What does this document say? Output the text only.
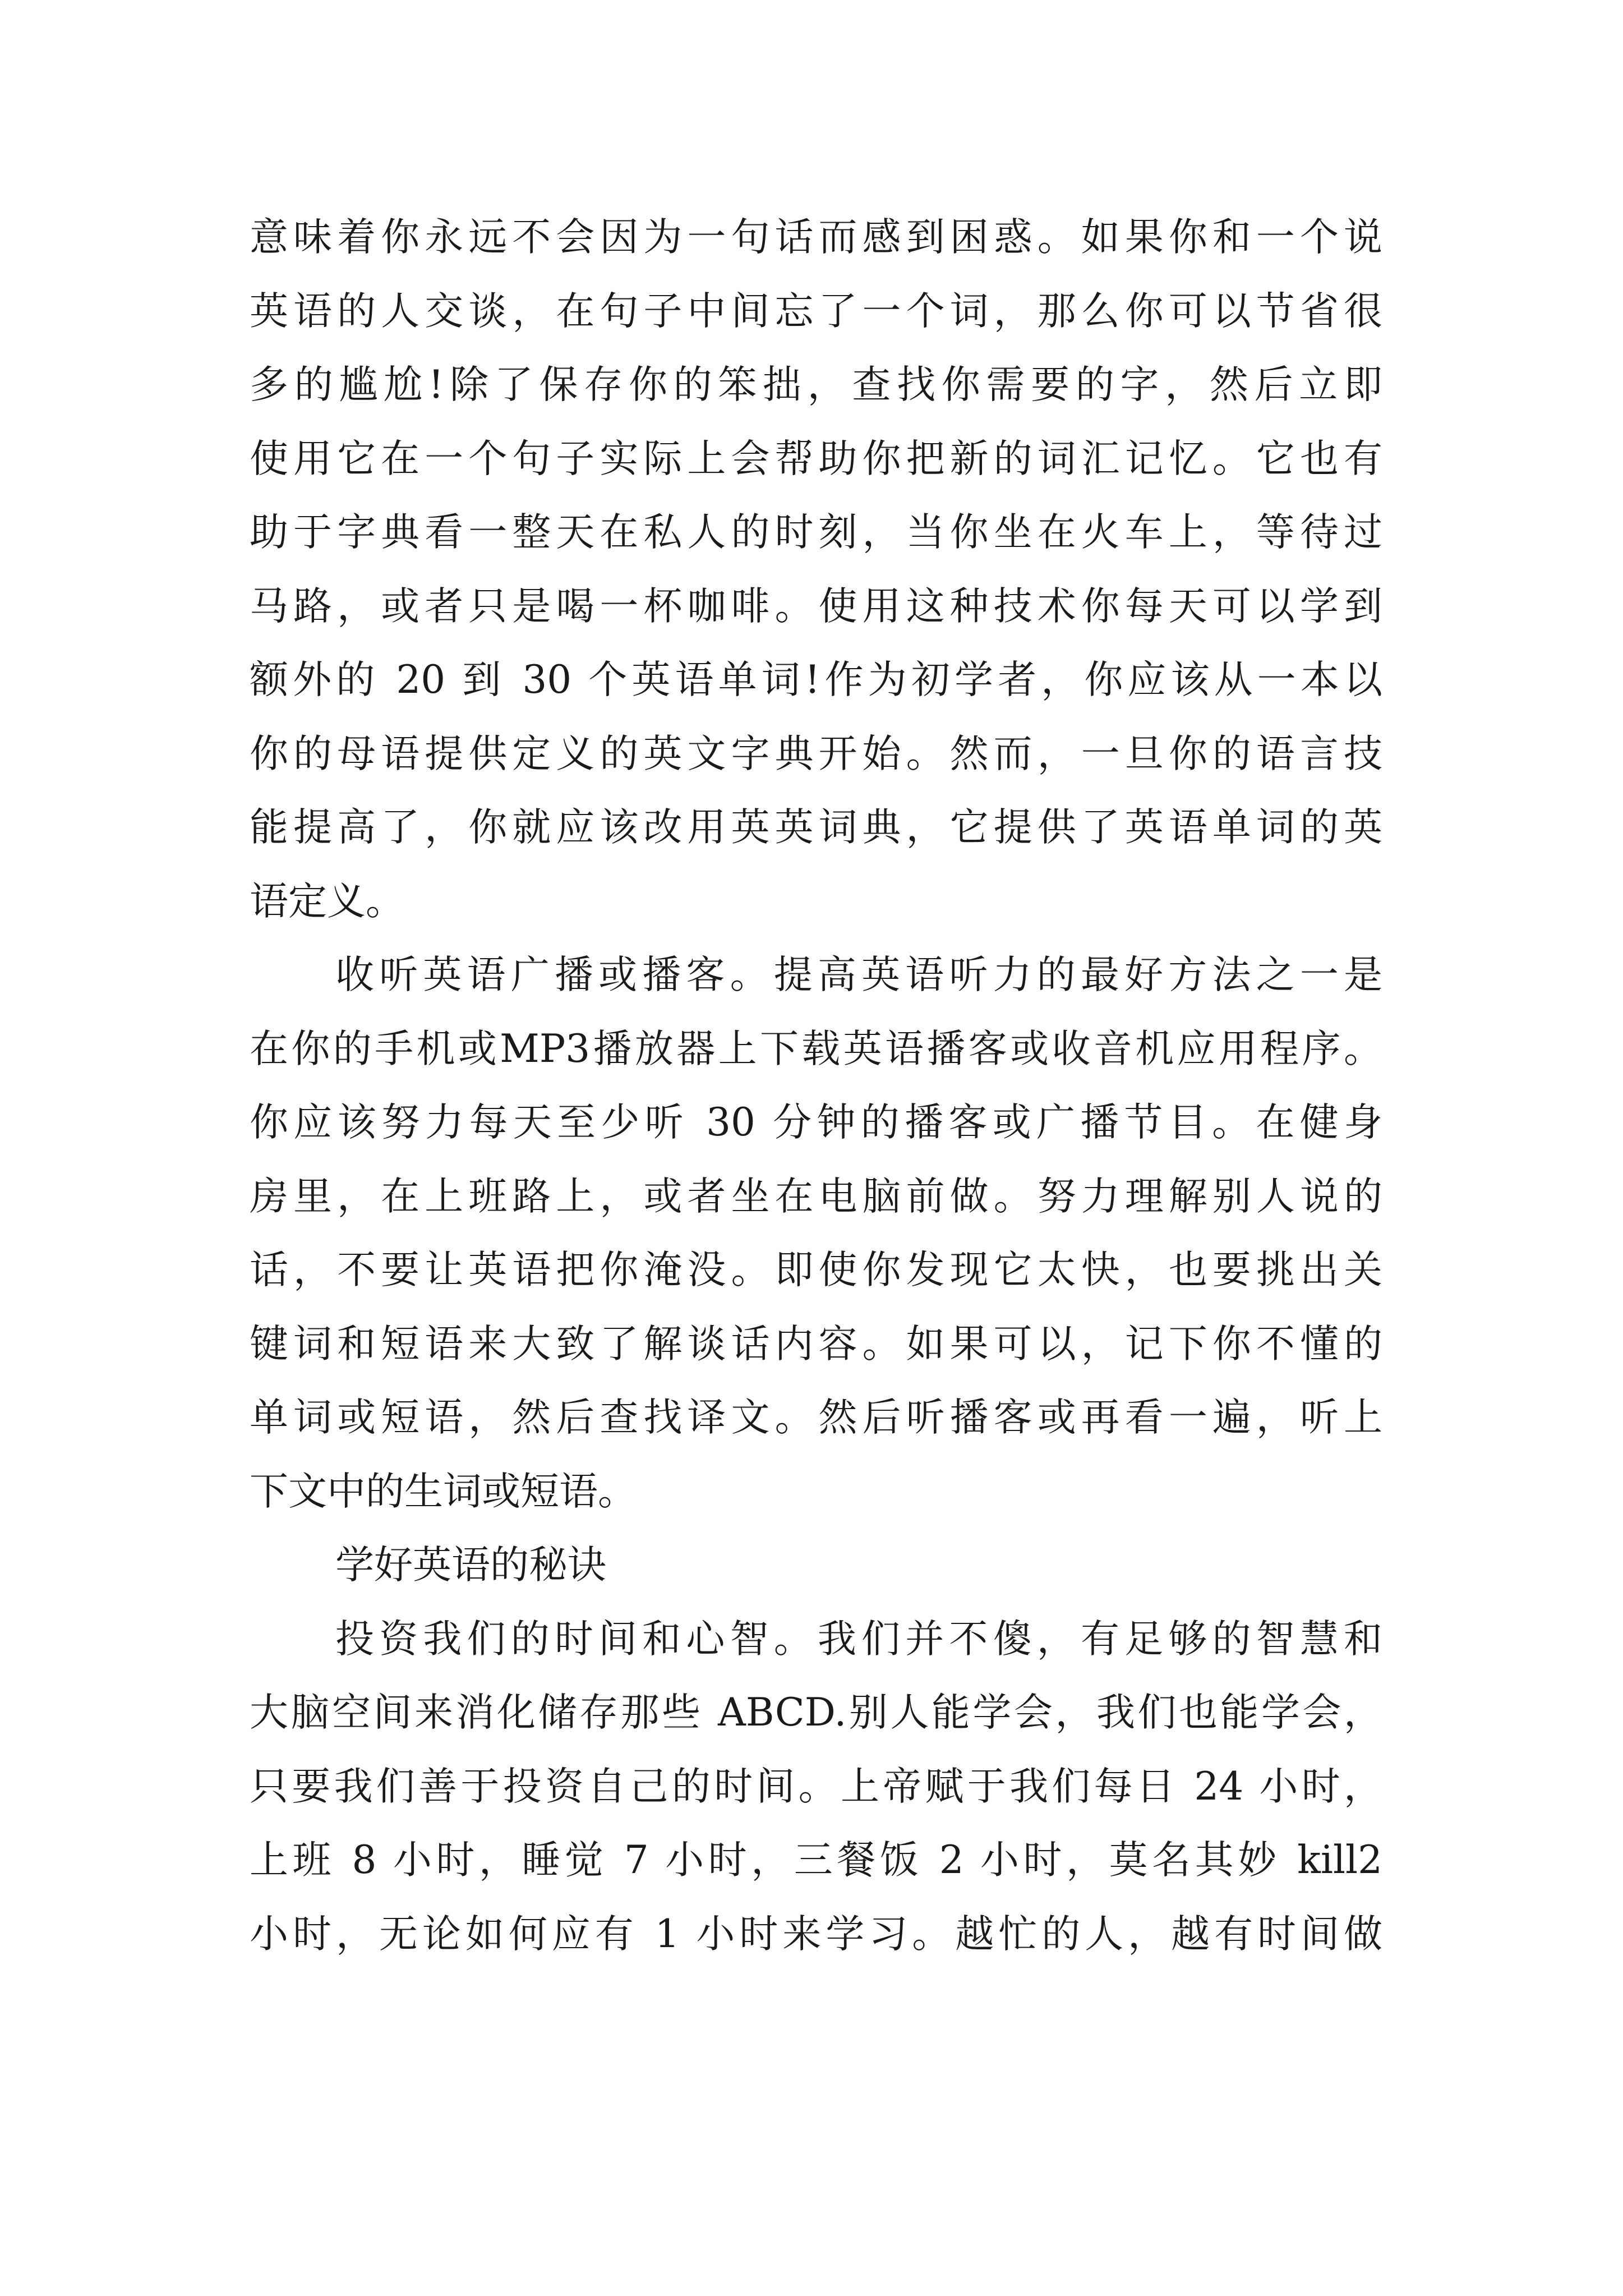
意味着你永远不会因为一句话而感到困惑。如果你和一个说
英语的人交谈，在句子中间忘了一个词，那么你可以节省很
多的尴尬!除了保存你的笨拙，查找你需要的字，然后立即
使用它在一个句子实际上会帮助你把新的词汇记忆。它也有
助于字典看一整天在私人的时刻，当你坐在火车上，等待过
马路，或者只是喝一杯咖啡。使用这种技术你每天可以学到
额外的 20 到 30 个英语单词!作为初学者，你应该从一本以
你的母语提供定义的英文字典开始。然而，一旦你的语言技
能提高了，你就应该改用英英词典，它提供了英语单词的英
语定义。
收听英语广播或播客。提高英语听力的最好方法之一是
在你的手机或MP3播放器上下载英语播客或收音机应用程序。
你应该努力每天至少听 30 分钟的播客或广播节目。在健身
房里，在上班路上，或者坐在电脑前做。努力理解别人说的
话，不要让英语把你淹没。即使你发现它太快，也要挑出关
键词和短语来大致了解谈话内容。如果可以，记下你不懂的
单词或短语，然后查找译文。然后听播客或再看一遍，听上
下文中的生词或短语。
学好英语的秘诀
投资我们的时间和心智。我们并不傻，有足够的智慧和
大脑空间来消化储存那些 ABCD.别人能学会，我们也能学会，
只要我们善于投资自己的时间。上帝赋于我们每日 24 小时，
上班 8 小时，睡觉 7 小时，三餐饭 2 小时，莫名其妙 kill2
小时，无论如何应有 1 小时来学习。越忙的人，越有时间做
